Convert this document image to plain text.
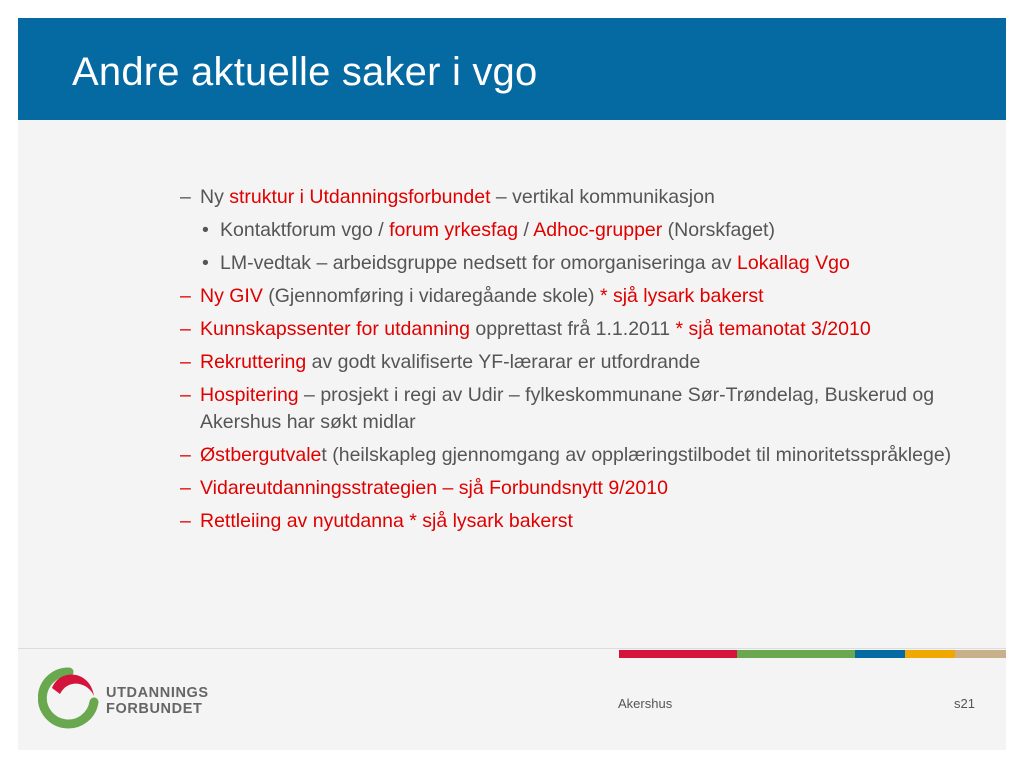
Andre aktuelle saker i vgo
– Ny struktur i Utdanningsforbundet – vertikal kommunikasjon
• Kontaktforum vgo / forum yrkesfag / Adhoc-grupper (Norskfaget)
• LM-vedtak – arbeidsgruppe nedsett for omorganiseringa av Lokallag Vgo
– Ny GIV (Gjennomføring i vidaregåande skole) * sjå lysark bakerst
– Kunnskapssenter for utdanning opprettast frå 1.1.2011 * sjå temanotat 3/2010
– Rekruttering av godt kvalifiserte YF-lærarar er utfordrande
– Hospitering – prosjekt i regi av Udir – fylkeskommunane Sør-Trøndelag, Buskerud og Akershus har søkt midlar
– Østbergutvalet (heilskapleg gjennomgang av opplæringstilbodet til minoritetsspråklege)
– Vidareutdanningsstrategien – sjå Forbundsnytt 9/2010
– Rettleiing av nyutdanna * sjå lysark bakerst
UTDANNINGS
FORBUNDET	Akershus	s21
